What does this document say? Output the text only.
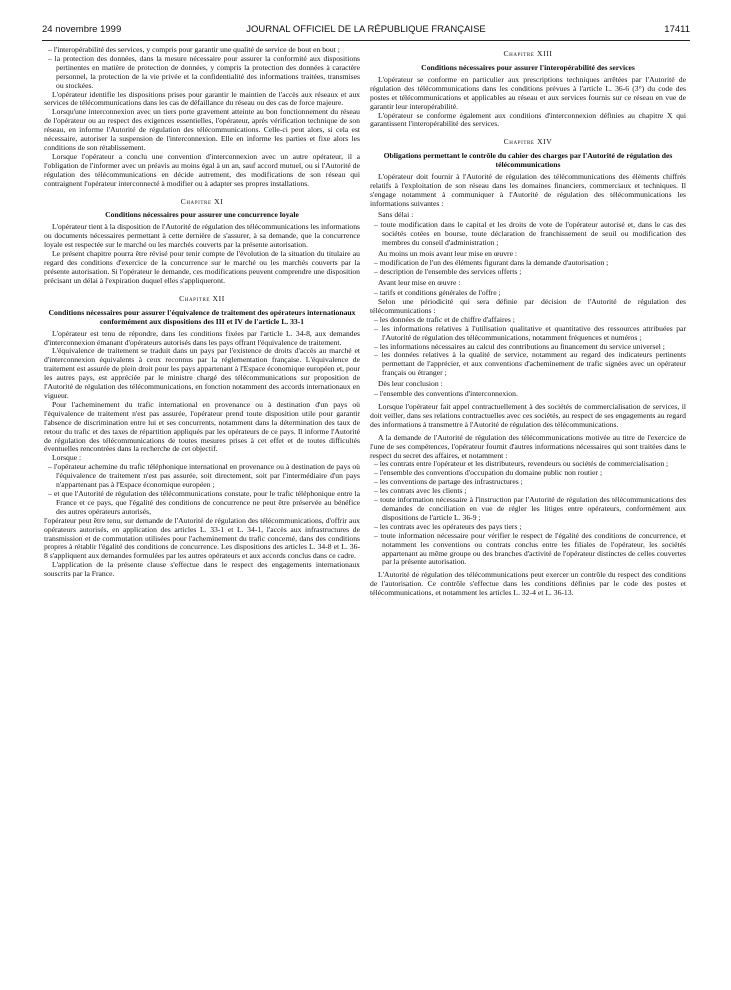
24 novembre 1999	JOURNAL OFFICIEL DE LA RÉPUBLIQUE FRANÇAISE	17411

– l'interopérabilité des services, y compris pour garantir une qualité de service de bout en bout ;

– la protection des données, dans la mesure nécessaire pour assurer la conformité aux dispositions pertinentes en matière de protection de données, y compris la protection des données à caractère personnel, la protection de la vie privée et la confidentialité des informations traitées, transmises ou stockées.

L'opérateur identifie les dispositions prises pour garantir le maintien de l'accès aux réseaux et aux services de télécommunications dans les cas de défaillance du réseau ou des cas de force majeure.

Lorsqu'une interconnexion avec un tiers porte gravement atteinte au bon fonctionnement du réseau de l'opérateur ou au respect des exigences essentielles, l'opérateur, après vérification technique de son réseau, en informe l'Autorité de régulation des télécommunications. Celle-ci peut alors, si cela est nécessaire, autoriser la suspension de l'interconnexion. Elle en informe les parties et fixe alors les conditions de son rétablissement.

Lorsque l'opérateur a conclu une convention d'interconnexion avec un autre opérateur, il a l'obligation de l'informer avec un préavis au moins égal à un an, sauf accord mutuel, ou si l'Autorité de régulation des télécommunications en décide autrement, des modifications de son réseau qui contraignent l'opérateur interconnecté à modifier ou à adapter ses propres installations.

Chapitre XI
Conditions nécessaires pour assurer une concurrence loyale

L'opérateur tient à la disposition de l'Autorité de régulation des télécommunications les informations ou documents nécessaires permettant à cette dernière de s'assurer, à sa demande, que la concurrence loyale est respectée sur le marché ou les marchés couverts par la présente autorisation.

Le présent chapitre pourra être révisé pour tenir compte de l'évolution de la situation du titulaire au regard des conditions d'exercice de la concurrence sur le marché ou les marchés couverts par la présente autorisation. Si l'opérateur le demande, ces modifications peuvent comprendre une disposition précisant un délai à l'expiration duquel elles s'appliqueront.

Chapitre XII
Conditions nécessaires pour assurer l'équivalence de traitement des opérateurs internationaux conformément aux dispositions des III et IV de l'article L. 33-1

L'opérateur est tenu de répondre, dans les conditions fixées par l'article L. 34-8, aux demandes d'interconnexion émanant d'opérateurs autorisés dans les pays offrant l'équivalence de traitement.

L'équivalence de traitement se traduit dans un pays par l'existence de droits d'accès au marché et d'interconnexion équivalents à ceux reconnus par la réglementation française. L'équivalence de traitement est assurée de plein droit pour les pays appartenant à l'Espace économique européen et, pour les autres pays, est appréciée par le ministre chargé des télécommunications sur proposition de l'Autorité de régulation des télécommunications, en fonction notamment des accords internationaux en vigueur.

Pour l'acheminement du trafic international en provenance ou à destination d'un pays où l'équivalence de traitement n'est pas assurée, l'opérateur prend toute disposition utile pour garantir l'absence de discrimination entre lui et ses concurrents, notamment dans la détermination des taux de retour du trafic et des taxes de répartition appliqués par les opérateurs de ce pays. Il informe l'Autorité de régulation des télécommunications de toutes mesures prises à cet effet et de toutes difficultés éventuelles rencontrées dans la recherche de cet objectif.

Lorsque :

– l'opérateur achemine du trafic téléphonique international en provenance ou à destination de pays où l'équivalence de traitement n'est pas assurée, soit directement, soit par l'intermédiaire d'un pays n'appartenant pas à l'Espace économique européen ;

– et que l'Autorité de régulation des télécommunications constate, pour le trafic téléphonique entre la France et ce pays, que l'égalité des conditions de concurrence ne peut être préservée au bénéfice des autres opérateurs autorisés,

l'opérateur peut être tenu, sur demande de l'Autorité de régulation des télécommunications, d'offrir aux opérateurs autorisés, en application des articles L. 33-1 et L. 34-1, l'accès aux infrastructures de transmission et de commutation utilisées pour l'acheminement du trafic concerné, dans des conditions propres à rétablir l'égalité des conditions de concurrence. Les dispositions des articles L. 34-8 et L. 36-8 s'appliquent aux demandes formulées par les autres opérateurs et aux accords conclus dans ce cadre.

L'application de la présente clause s'effectue dans le respect des engagements internationaux souscrits par la France.

Chapitre XIII
Conditions nécessaires pour assurer l'interopérabilité des services

L'opérateur se conforme en particulier aux prescriptions techniques arrêtées par l'Autorité de régulation des télécommunications dans les conditions prévues à l'article L. 36-6 (3°) du code des postes et télécommunications et applicables au réseau et aux services fournis sur ce réseau en vue de garantir leur interopérabilité.

L'opérateur se conforme également aux conditions d'interconnexion définies au chapitre X qui garantissent l'interopérabilité des services.

Chapitre XIV
Obligations permettant le contrôle du cahier des charges par l'Autorité de régulation des télécommunications

L'opérateur doit fournir à l'Autorité de régulation des télécommunications des éléments chiffrés relatifs à l'exploitation de son réseau dans les domaines financiers, commerciaux et techniques. Il s'engage notamment à communiquer à l'Autorité de régulation des télécommunications les informations suivantes :

Sans délai :

– toute modification dans le capital et les droits de vote de l'opérateur autorisé et, dans le cas des sociétés cotées en bourse, toute déclaration de franchissement de seuil ou modification des membres du conseil d'administration ;

Au moins un mois avant leur mise en œuvre :

– modification de l'un des éléments figurant dans la demande d'autorisation ;

– description de l'ensemble des services offerts ;

Avant leur mise en œuvre :

– tarifs et conditions générales de l'offre ;

Selon une périodicité qui sera définie par décision de l'Autorité de régulation des télécommunications :

– les données de trafic et de chiffre d'affaires ;

– les informations relatives à l'utilisation qualitative et quantitative des ressources attribuées par l'Autorité de régulation des télécommunications, notamment fréquences et numéros ;

– les informations nécessaires au calcul des contributions au financement du service universel ;

– les données relatives à la qualité de service, notamment au regard des indicateurs pertinents permettant de l'apprécier, et aux conventions d'acheminement de trafic signées avec un opérateur français ou étranger ;

Dès leur conclusion :

– l'ensemble des conventions d'interconnexion.

Lorsque l'opérateur fait appel contractuellement à des sociétés de commercialisation de services, il doit veiller, dans ses relations contractuelles avec ces sociétés, au respect de ses engagements au regard des informations à transmettre à l'Autorité de régulation des télécommunications.

A la demande de l'Autorité de régulation des télécommunications motivée au titre de l'exercice de l'une de ses compétences, l'opérateur fournit d'autres informations nécessaires qui sont traitées dans le respect du secret des affaires, et notamment :

– les contrats entre l'opérateur et les distributeurs, revendeurs ou sociétés de commercialisation ;

– l'ensemble des conventions d'occupation du domaine public non routier ;

– les conventions de partage des infrastructures ;

– les contrats avec les clients ;

– toute information nécessaire à l'instruction par l'Autorité de régulation des télécommunications des demandes de conciliation en vue de régler les litiges entre opérateurs, conformément aux dispositions de l'article L. 36-9 ;

– les contrats avec les opérateurs des pays tiers ;

– toute information nécessaire pour vérifier le respect de l'égalité des conditions de concurrence, et notamment les conventions ou contrats conclus entre les filiales de l'opérateur, les sociétés appartenant au même groupe ou des branches d'activité de l'opérateur distinctes de celles couvertes par la présente autorisation.

L'Autorité de régulation des télécommunications peut exercer un contrôle du respect des conditions de l'autorisation. Ce contrôle s'effectue dans les conditions définies par le code des postes et télécommunications, et notamment les articles L. 32-4 et L. 36-13.
